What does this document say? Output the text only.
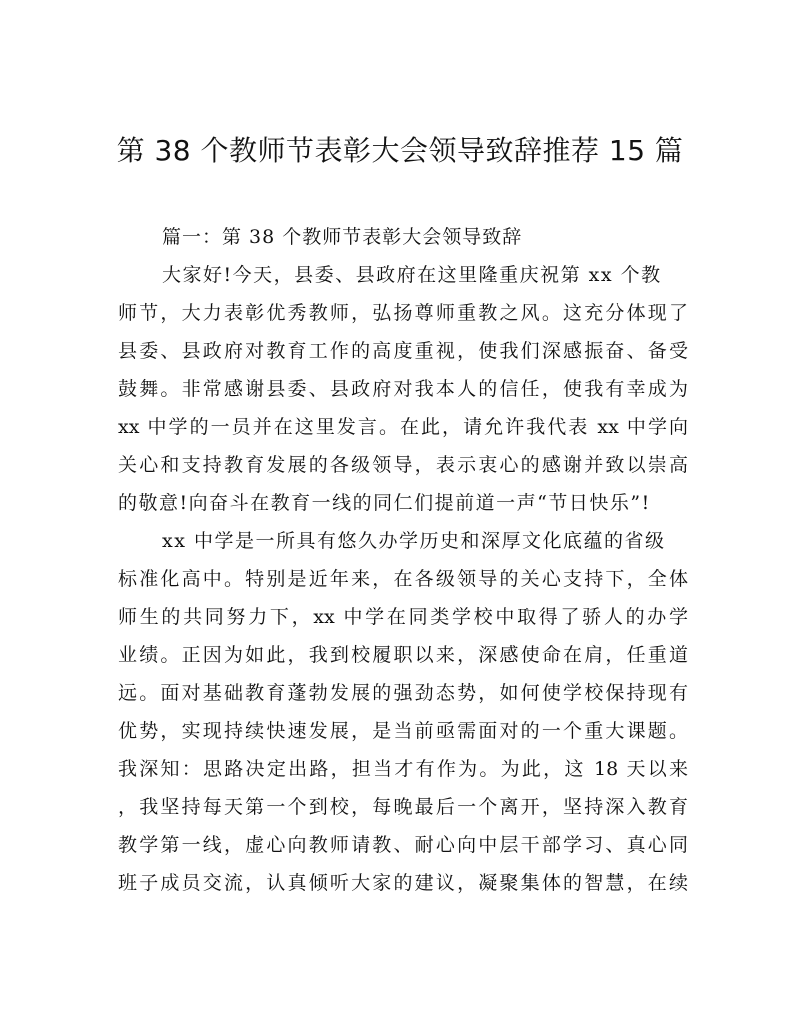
第 38 个教师节表彰大会领导致辞推荐 15 篇

篇一：第 38 个教师节表彰大会领导致辞

大家好!今天，县委、县政府在这里隆重庆祝第 xx 个教
师节，大力表彰优秀教师，弘扬尊师重教之风。这充分体现了
县委、县政府对教育工作的高度重视，使我们深感振奋、备受
鼓舞。非常感谢县委、县政府对我本人的信任，使我有幸成为
xx 中学的一员并在这里发言。在此，请允许我代表 xx 中学向
关心和支持教育发展的各级领导，表示衷心的感谢并致以崇高
的敬意!向奋斗在教育一线的同仁们提前道一声“节日快乐”!
xx 中学是一所具有悠久办学历史和深厚文化底蕴的省级
标准化高中。特别是近年来，在各级领导的关心支持下，全体
师生的共同努力下，xx 中学在同类学校中取得了骄人的办学
业绩。正因为如此，我到校履职以来，深感使命在肩，任重道
远。面对基础教育蓬勃发展的强劲态势，如何使学校保持现有
优势，实现持续快速发展，是当前亟需面对的一个重大课题。
我深知：思路决定出路，担当才有作为。为此，这 18 天以来
，我坚持每天第一个到校，每晚最后一个离开，坚持深入教育
教学第一线，虚心向教师请教、耐心向中层干部学习、真心同
班子成员交流，认真倾听大家的建议，凝聚集体的智慧，在续
